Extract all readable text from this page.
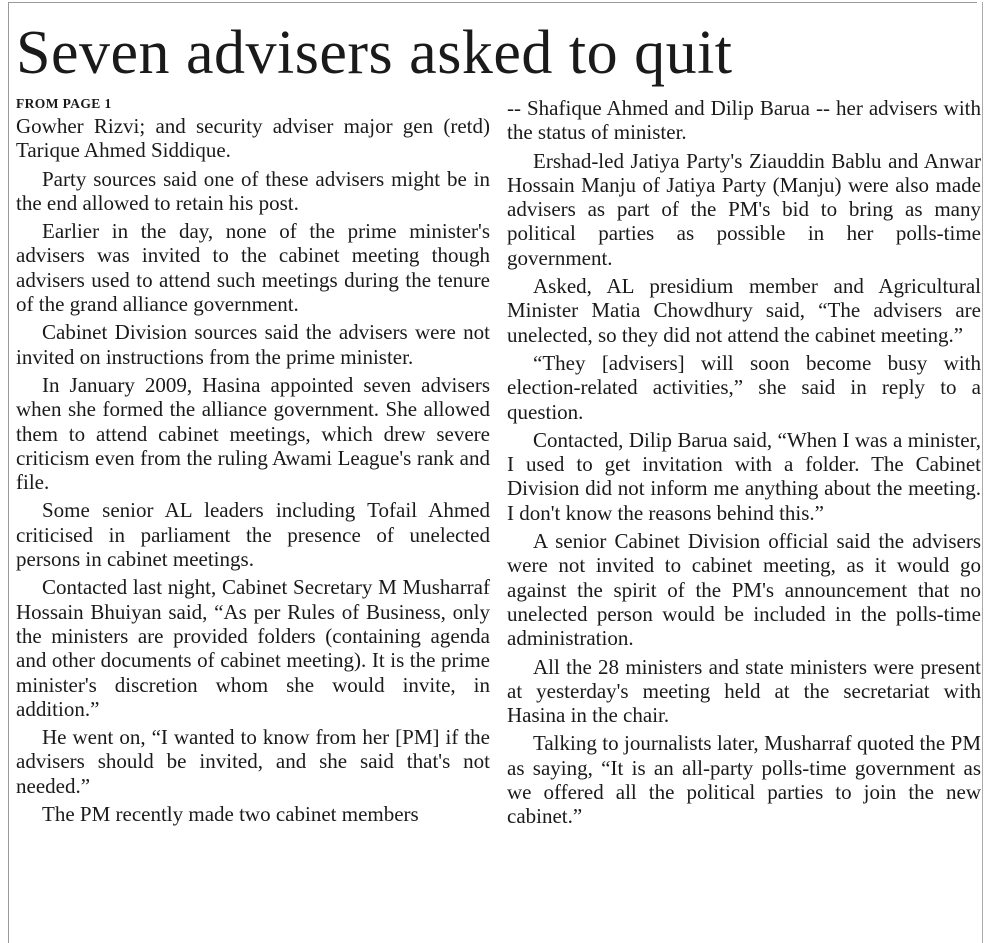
Seven advisers asked to quit
FROM PAGE 1

Gowher Rizvi; and security adviser major gen (retd) Tarique Ahmed Siddique.

Party sources said one of these advisers might be in the end allowed to retain his post.

Earlier in the day, none of the prime minister's advisers was invited to the cabinet meeting though advisers used to attend such meetings during the tenure of the grand alliance government.

Cabinet Division sources said the advisers were not invited on instructions from the prime minister.

In January 2009, Hasina appointed seven advisers when she formed the alliance government. She allowed them to attend cabinet meetings, which drew severe criticism even from the ruling Awami League's rank and file.

Some senior AL leaders including Tofail Ahmed criticised in parliament the presence of unelected persons in cabinet meetings.

Contacted last night, Cabinet Secretary M Musharraf Hossain Bhuiyan said, “As per Rules of Business, only the ministers are provided folders (containing agenda and other documents of cabinet meeting). It is the prime minister's discretion whom she would invite, in addition.”

He went on, “I wanted to know from her [PM] if the advisers should be invited, and she said that's not needed.”

The PM recently made two cabinet members

-- Shafique Ahmed and Dilip Barua -- her advisers with the status of minister.

Ershad-led Jatiya Party's Ziauddin Bablu and Anwar Hossain Manju of Jatiya Party (Manju) were also made advisers as part of the PM's bid to bring as many political parties as possible in her polls-time government.

Asked, AL presidium member and Agricultural Minister Matia Chowdhury said, “The advisers are unelected, so they did not attend the cabinet meeting.”

“They [advisers] will soon become busy with election-related activities,” she said in reply to a question.

Contacted, Dilip Barua said, “When I was a minister, I used to get invitation with a folder. The Cabinet Division did not inform me anything about the meeting. I don't know the reasons behind this.”

A senior Cabinet Division official said the advisers were not invited to cabinet meeting, as it would go against the spirit of the PM's announcement that no unelected person would be included in the polls-time administration.

All the 28 ministers and state ministers were present at yesterday's meeting held at the secretariat with Hasina in the chair.

Talking to journalists later, Musharraf quoted the PM as saying, “It is an all-party polls-time government as we offered all the political parties to join the new cabinet.”
